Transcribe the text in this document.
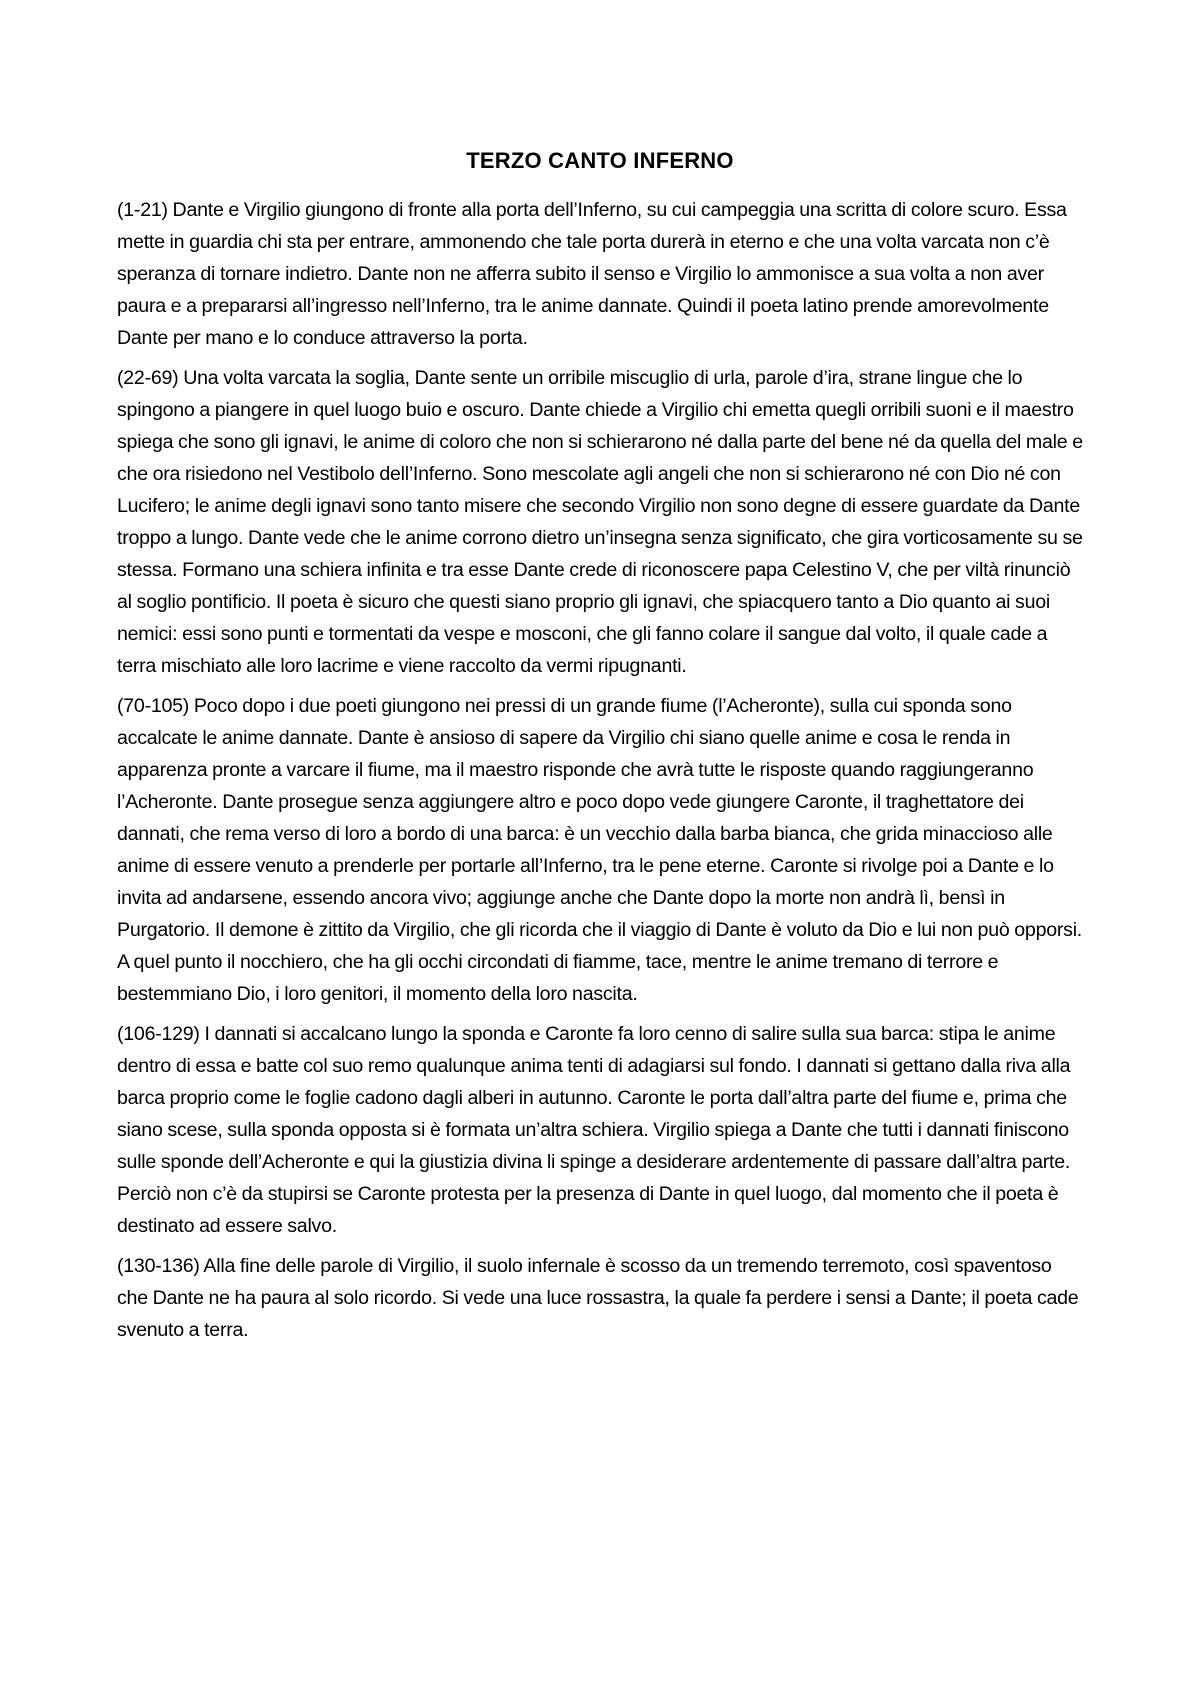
TERZO CANTO INFERNO

(1-21) Dante e Virgilio giungono di fronte alla porta dell’Inferno, su cui campeggia una scritta di colore scuro. Essa mette in guardia chi sta per entrare, ammonendo che tale porta durerà in eterno e che una volta varcata non c’è speranza di tornare indietro. Dante non ne afferra subito il senso e Virgilio lo ammonisce a sua volta a non aver paura e a prepararsi all’ingresso nell’Inferno, tra le anime dannate. Quindi il poeta latino prende amorevolmente Dante per mano e lo conduce attraverso la porta.

(22-69) Una volta varcata la soglia, Dante sente un orribile miscuglio di urla, parole d’ira, strane lingue che lo spingono a piangere in quel luogo buio e oscuro. Dante chiede a Virgilio chi emetta quegli orribili suoni e il maestro spiega che sono gli ignavi, le anime di coloro che non si schierarono né dalla parte del bene né da quella del male e che ora risiedono nel Vestibolo dell’Inferno. Sono mescolate agli angeli che non si schierarono né con Dio né con Lucifero; le anime degli ignavi sono tanto misere che secondo Virgilio non sono degne di essere guardate da Dante troppo a lungo. Dante vede che le anime corrono dietro un’insegna senza significato, che gira vorticosamente su se stessa. Formano una schiera infinita e tra esse Dante crede di riconoscere papa Celestino V, che per viltà rinunciò al soglio pontificio. Il poeta è sicuro che questi siano proprio gli ignavi, che spiacquero tanto a Dio quanto ai suoi nemici: essi sono punti e tormentati da vespe e mosconi, che gli fanno colare il sangue dal volto, il quale cade a terra mischiato alle loro lacrime e viene raccolto da vermi ripugnanti.

(70-105) Poco dopo i due poeti giungono nei pressi di un grande fiume (l’Acheronte), sulla cui sponda sono accalcate le anime dannate. Dante è ansioso di sapere da Virgilio chi siano quelle anime e cosa le renda in apparenza pronte a varcare il fiume, ma il maestro risponde che avrà tutte le risposte quando raggiungeranno l’Acheronte. Dante prosegue senza aggiungere altro e poco dopo vede giungere Caronte, il traghettatore dei dannati, che rema verso di loro a bordo di una barca: è un vecchio dalla barba bianca, che grida minaccioso alle anime di essere venuto a prenderle per portarle all’Inferno, tra le pene eterne. Caronte si rivolge poi a Dante e lo invita ad andarsene, essendo ancora vivo; aggiunge anche che Dante dopo la morte non andrà lì, bensì in Purgatorio. Il demone è zittito da Virgilio, che gli ricorda che il viaggio di Dante è voluto da Dio e lui non può opporsi. A quel punto il nocchiero, che ha gli occhi circondati di fiamme, tace, mentre le anime tremano di terrore e bestemmiano Dio, i loro genitori, il momento della loro nascita.

(106-129) I dannati si accalcano lungo la sponda e Caronte fa loro cenno di salire sulla sua barca: stipa le anime dentro di essa e batte col suo remo qualunque anima tenti di adagiarsi sul fondo. I dannati si gettano dalla riva alla barca proprio come le foglie cadono dagli alberi in autunno. Caronte le porta dall’altra parte del fiume e, prima che siano scese, sulla sponda opposta si è formata un’altra schiera. Virgilio spiega a Dante che tutti i dannati finiscono sulle sponde dell’Acheronte e qui la giustizia divina li spinge a desiderare ardentemente di passare dall’altra parte. Perciò non c’è da stupirsi se Caronte protesta per la presenza di Dante in quel luogo, dal momento che il poeta è destinato ad essere salvo.

(130-136) Alla fine delle parole di Virgilio, il suolo infernale è scosso da un tremendo terremoto, così spaventoso che Dante ne ha paura al solo ricordo. Si vede una luce rossastra, la quale fa perdere i sensi a Dante; il poeta cade svenuto a terra.
